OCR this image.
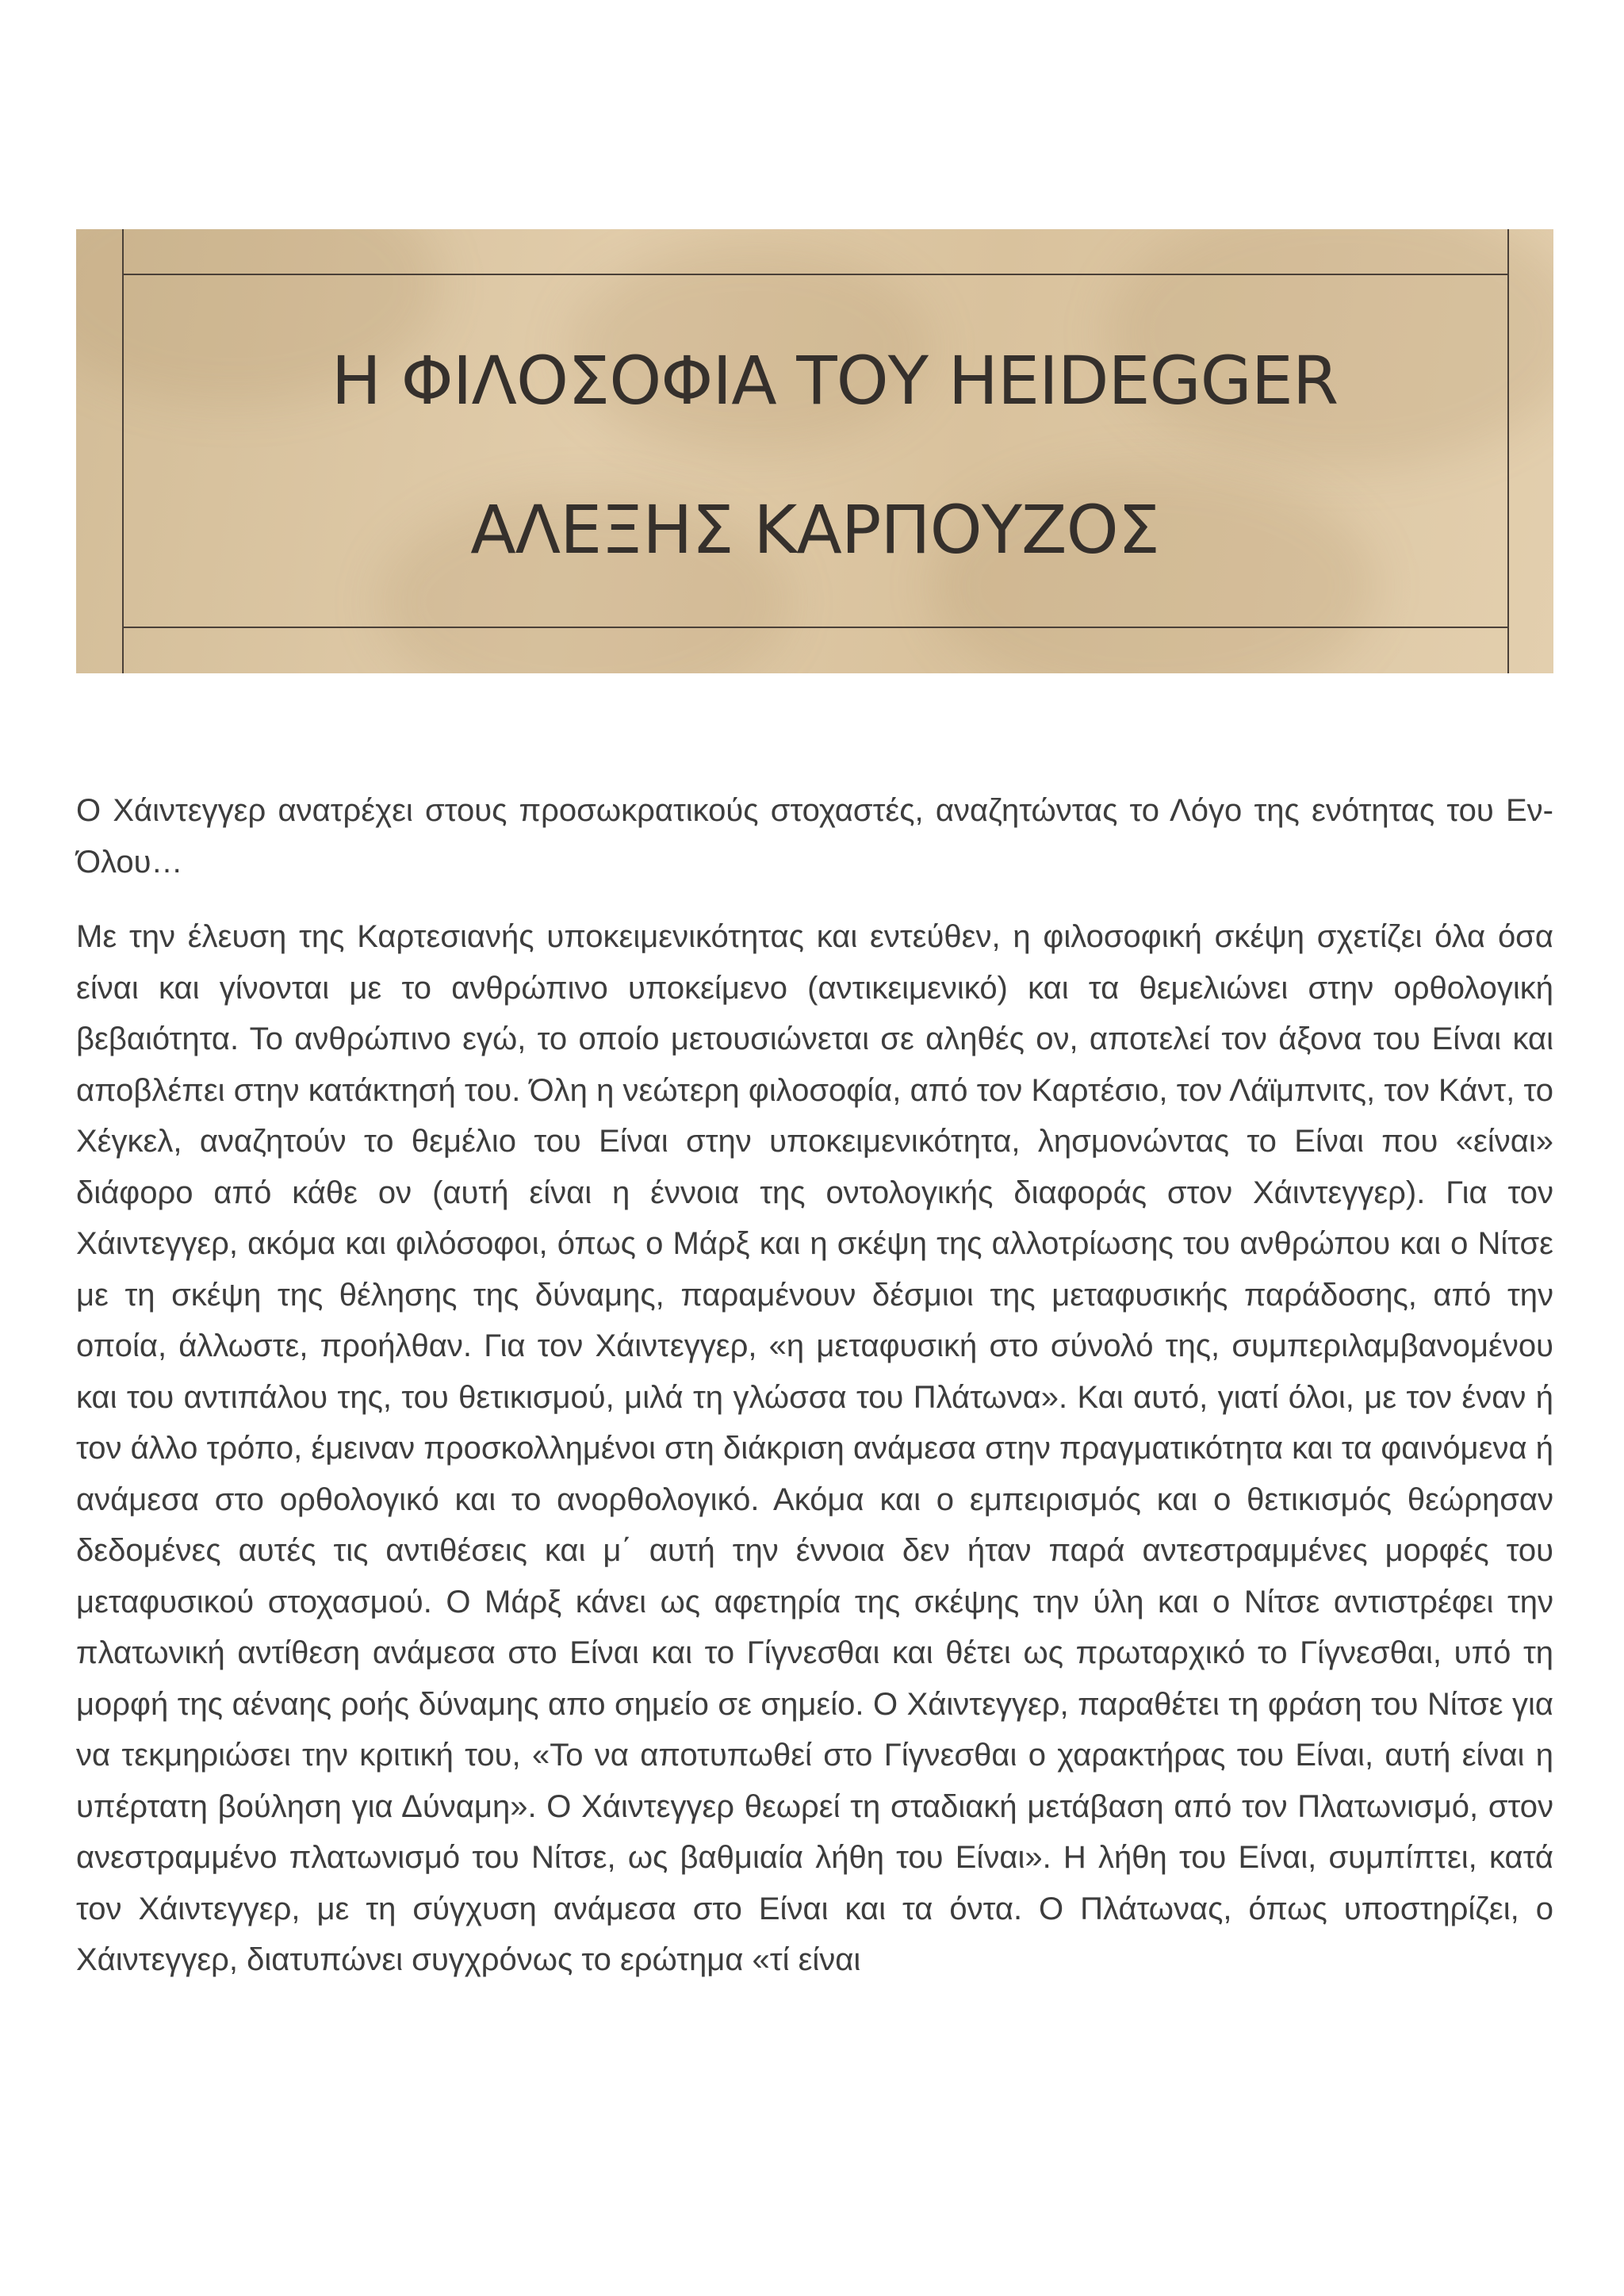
Η ΦΙΛΟΣΟΦΙΑ ΤΟΥ HEIDEGGER
ΑΛΕΞΗΣ ΚΑΡΠΟΥΖΟΣ

Ο Χάιντεγγερ ανατρέχει στους προσωκρατικούς στοχαστές, αναζητώντας το Λόγο της ενότητας του Εν-Όλου…

Με την έλευση της Καρτεσιανής υποκειμενικότητας και εντεύθεν, η φιλοσοφική σκέψη σχετίζει όλα όσα είναι και γίνονται με το ανθρώπινο υποκείμενο (αντικειμενικό) και τα θεμελιώνει στην ορθολογική βεβαιότητα. Το ανθρώπινο εγώ, το οποίο μετουσιώνεται σε αληθές ον, αποτελεί τον άξονα του Είναι και αποβλέπει στην κατάκτησή του. Όλη η νεώτερη φιλοσοφία, από τον Καρτέσιο, τον Λάϊμπνιτς, τον Κάντ, το Χέγκελ, αναζητούν το θεμέλιο του Είναι στην υποκειμενικότητα, λησμονώντας το Είναι που «είναι» διάφορο από κάθε ον (αυτή είναι η έννοια της οντολογικής διαφοράς στον Χάιντεγγερ). Για τον Χάιντεγγερ, ακόμα και φιλόσοφοι, όπως ο Μάρξ και η σκέψη της αλλοτρίωσης του ανθρώπου και ο Νίτσε με τη σκέψη της θέλησης της δύναμης, παραμένουν δέσμιοι της μεταφυσικής παράδοσης, από την οποία, άλλωστε, προήλθαν. Για τον Χάιντεγγερ, «η μεταφυσική στο σύνολό της, συμπεριλαμβανομένου και του αντιπάλου της, του θετικισμού, μιλά τη γλώσσα του Πλάτωνα». Και αυτό, γιατί όλοι, με τον έναν ή τον άλλο τρόπο, έμειναν προσκολλημένοι στη διάκριση ανάμεσα στην πραγματικότητα και τα φαινόμενα ή ανάμεσα στο ορθολογικό και το ανορθολογικό. Ακόμα και ο εμπειρισμός και ο θετικισμός θεώρησαν δεδομένες αυτές τις αντιθέσεις και μ΄ αυτή την έννοια δεν ήταν παρά αντεστραμμένες μορφές του μεταφυσικού στοχασμού. Ο Μάρξ κάνει ως αφετηρία της σκέψης την ύλη και ο Νίτσε αντιστρέφει την πλατωνική αντίθεση ανάμεσα στο Είναι και το Γίγνεσθαι και θέτει ως πρωταρχικό το Γίγνεσθαι, υπό τη μορφή της αέναης ροής δύναμης απο σημείο σε σημείο. Ο Χάιντεγγερ, παραθέτει τη φράση του Νίτσε για να τεκμηριώσει την κριτική του, «Το να αποτυπωθεί στο Γίγνεσθαι ο χαρακτήρας του Είναι, αυτή είναι η υπέρτατη βούληση για Δύναμη». Ο Χάιντεγγερ θεωρεί τη σταδιακή μετάβαση από τον Πλατωνισμό, στον ανεστραμμένο πλατωνισμό του Νίτσε, ως βαθμιαία λήθη του Είναι». Η λήθη του Είναι, συμπίπτει, κατά τον Χάιντεγγερ, με τη σύγχυση ανάμεσα στο Είναι και τα όντα. Ο Πλάτωνας, όπως υποστηρίζει, ο Χάιντεγγερ, διατυπώνει συγχρόνως το ερώτημα «τί είναι
